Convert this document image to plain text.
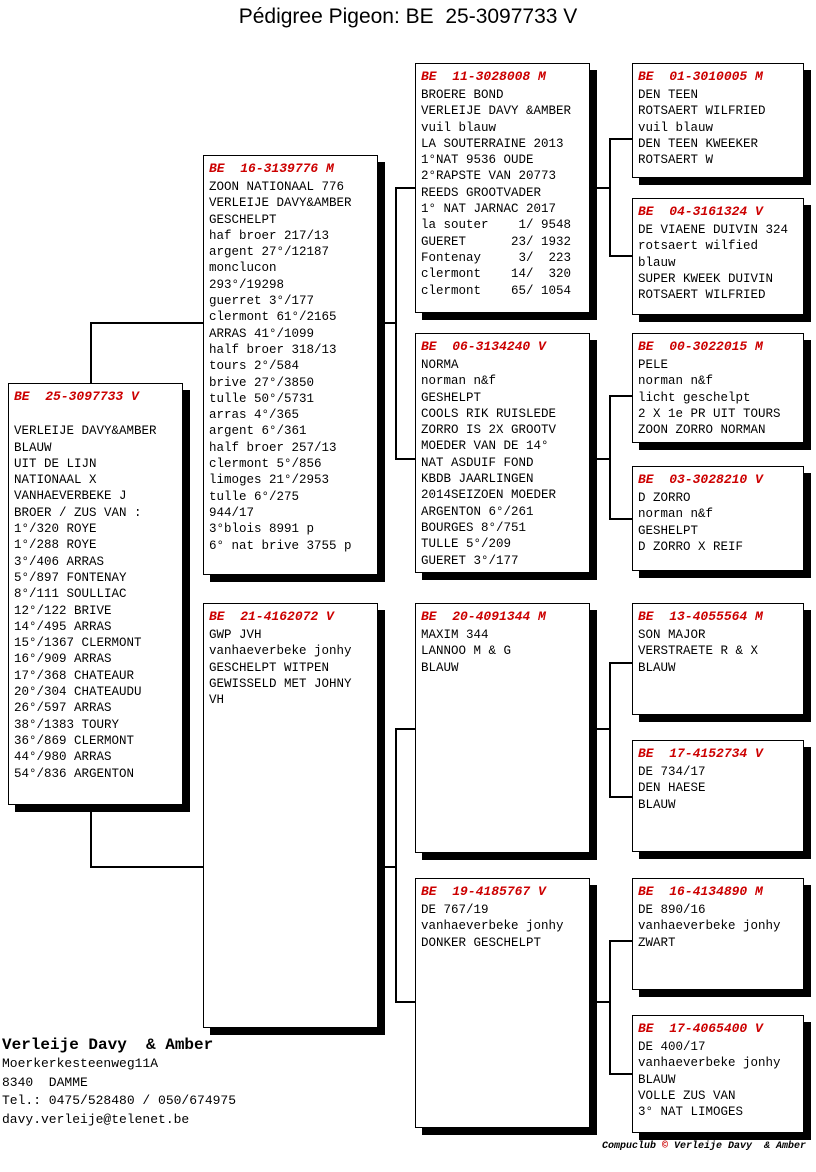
Pédigree Pigeon: BE  25-3097733 V
BE  25-3097733 V

VERLEIJE DAVY&AMBER
BLAUW
UIT DE LIJN
NATIONAAL X
VANHAEVERBEKE J
BROER / ZUS VAN :
1°/320 ROYE
1°/288 ROYE
3°/406 ARRAS
5°/897 FONTENAY
8°/111 SOULLIAC
12°/122 BRIVE
14°/495 ARRAS
15°/1367 CLERMONT
16°/909 ARRAS
17°/368 CHATEAUR
20°/304 CHATEAUDU
26°/597 ARRAS
38°/1383 TOURY
36°/869 CLERMONT
44°/980 ARRAS
54°/836 ARGENTON
BE  16-3139776 M
ZOON NATIONAAL 776
VERLEIJE DAVY&AMBER
GESCHELPT
haf broer 217/13
argent 27°/12187
monclucon
293°/19298
guerret 3°/177
clermont 61°/2165
ARRAS 41°/1099
half broer 318/13
tours 2°/584
brive 27°/3850
tulle 50°/5731
arras 4°/365
argent 6°/361
half broer 257/13
clermont 5°/856
limoges 21°/2953
tulle 6°/275
944/17
3°blois 8991 p
6° nat brive 3755 p
BE  21-4162072 V
GWP JVH
vanhaeverbeke jonhy
GESCHELPT WITPEN
GEWISSELD MET JOHNY
VH
BE  11-3028008 M
BROERE BOND
VERLEIJE DAVY &AMBER
vuil blauw
LA SOUTERRAINE 2013
1°NAT 9536 OUDE
2°RAPSTE VAN 20773
REEDS GROOTVADER
1° NAT JARNAC 2017
la souter    1/ 9548
GUERET      23/ 1932
Fontenay     3/  223
clermont    14/  320
clermont    65/ 1054
BE  06-3134240 V
NORMA
norman n&f
GESHELPT
COOLS RIK RUISLEDE
ZORRO IS 2X GROOTV
MOEDER VAN DE 14°
NAT ASDUIF FOND
KBDB JAARLINGEN
2014SEIZOEN MOEDER
ARGENTON 6°/261
BOURGES 8°/751
TULLE 5°/209
GUERET 3°/177
BE  20-4091344 M
MAXIM 344
LANNOO M & G
BLAUW
BE  19-4185767 V
DE 767/19
vanhaeverbeke jonhy
DONKER GESCHELPT
BE  01-3010005 M
DEN TEEN
ROTSAERT WILFRIED
vuil blauw
DEN TEEN KWEEKER
ROTSAERT W
BE  04-3161324 V
DE VIAENE DUIVIN 324
rotsaert wilfied
blauw
SUPER KWEEK DUIVIN
ROTSAERT WILFRIED
BE  00-3022015 M
PELE
norman n&f
licht geschelpt
2 X 1e PR UIT TOURS
ZOON ZORRO NORMAN
BE  03-3028210 V
D ZORRO
norman n&f
GESHELPT
D ZORRO X REIF
BE  13-4055564 M
SON MAJOR
VERSTRAETE R & X
BLAUW
BE  17-4152734 V
DE 734/17
DEN HAESE
BLAUW
BE  16-4134890 M
DE 890/16
vanhaeverbeke jonhy
ZWART
BE  17-4065400 V
DE 400/17
vanhaeverbeke jonhy
BLAUW
VOLLE ZUS VAN
3° NAT LIMOGES
Verleije Davy  & Amber
Moerkerkesteenweg11A
8340  DAMME
Tel.: 0475/528480 / 050/674975
davy.verleije@telenet.be
Compuclub © Verleije Davy  & Amber
